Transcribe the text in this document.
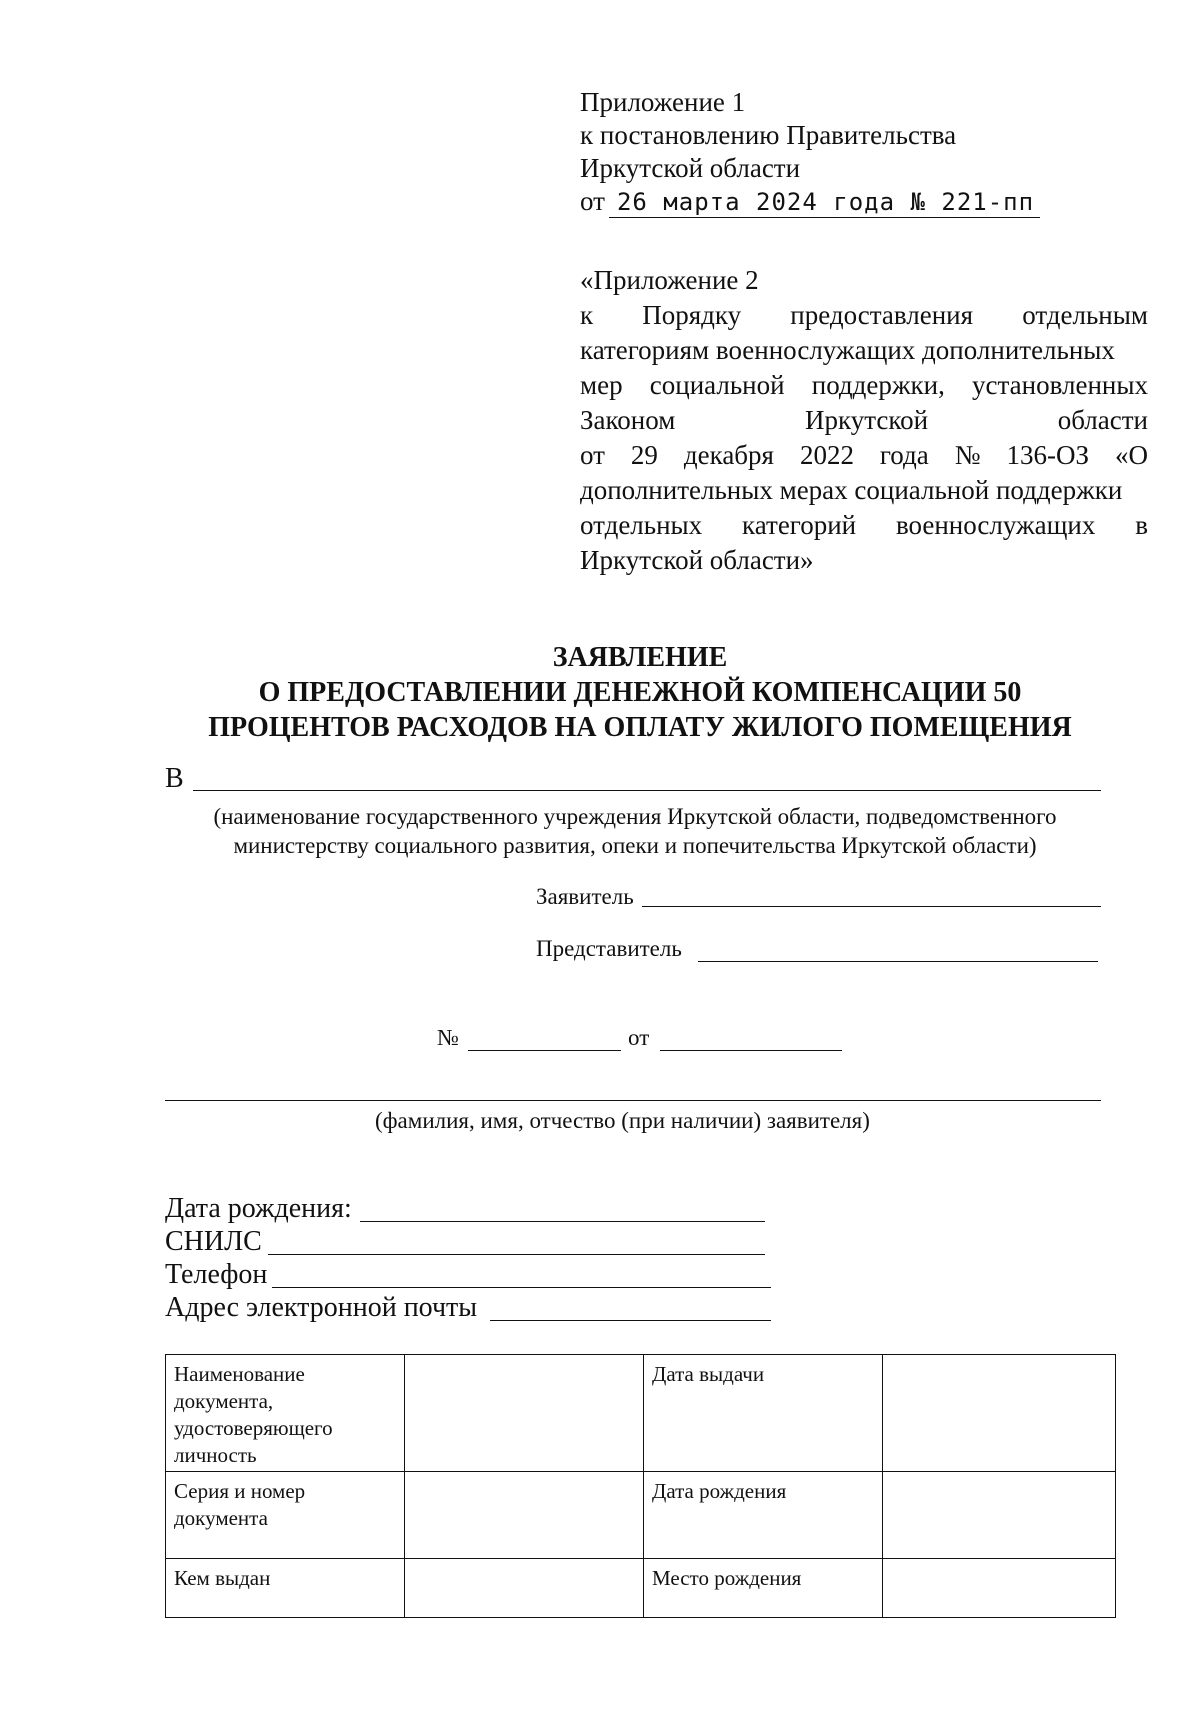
Приложение 1
к постановлению Правительства
Иркутской области
от 26 марта 2024 года № 221-пп
«Приложение 2
к Порядку предоставления отдельным
категориям военнослужащих дополнительных
мер социальной поддержки, установленных
Законом	Иркутской	области
от 29 декабря 2022 года № 136-ОЗ «О
дополнительных мерах социальной поддержки
отдельных категорий военнослужащих в
Иркутской области»
ЗАЯВЛЕНИЕ
О ПРЕДОСТАВЛЕНИИ ДЕНЕЖНОЙ КОМПЕНСАЦИИ 50
ПРОЦЕНТОВ РАСХОДОВ НА ОПЛАТУ ЖИЛОГО ПОМЕЩЕНИЯ
В
(наименование государственного учреждения Иркутской области, подведомственного
министерству социального развития, опеки и попечительства Иркутской области)
Заявитель
Представитель
№	от
(фамилия, имя, отчество (при наличии) заявителя)
Дата рождения:
СНИЛС
Телефон
Адрес электронной почты
Наименование документа, удостоверяющего личность		Дата выдачи	
Серия и номер документа		Дата рождения	
Кем выдан		Место рождения	
